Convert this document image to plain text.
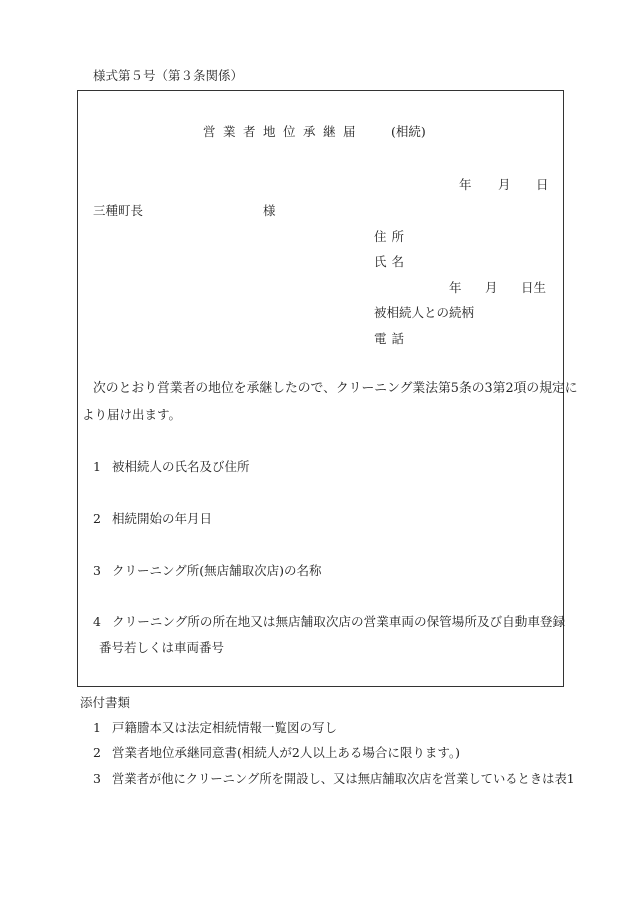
様式第５号（第３条関係）
営業者地位承継届 (相続)
年 月 日
三種町長	様
住所
氏名
年 月 日生
被相続人との続柄
電話
次のとおり営業者の地位を承継したので、クリーニング業法第5条の3第2項の規定に
より届け出ます。
1 被相続人の氏名及び住所
2 相続開始の年月日
3 クリーニング所(無店舗取次店)の名称
4 クリーニング所の所在地又は無店舗取次店の営業車両の保管場所及び自動車登録
番号若しくは車両番号
添付書類
1 戸籍謄本又は法定相続情報一覧図の写し
2 営業者地位承継同意書(相続人が2人以上ある場合に限ります。)
3 営業者が他にクリーニング所を開設し、又は無店舗取次店を営業しているときは表1
